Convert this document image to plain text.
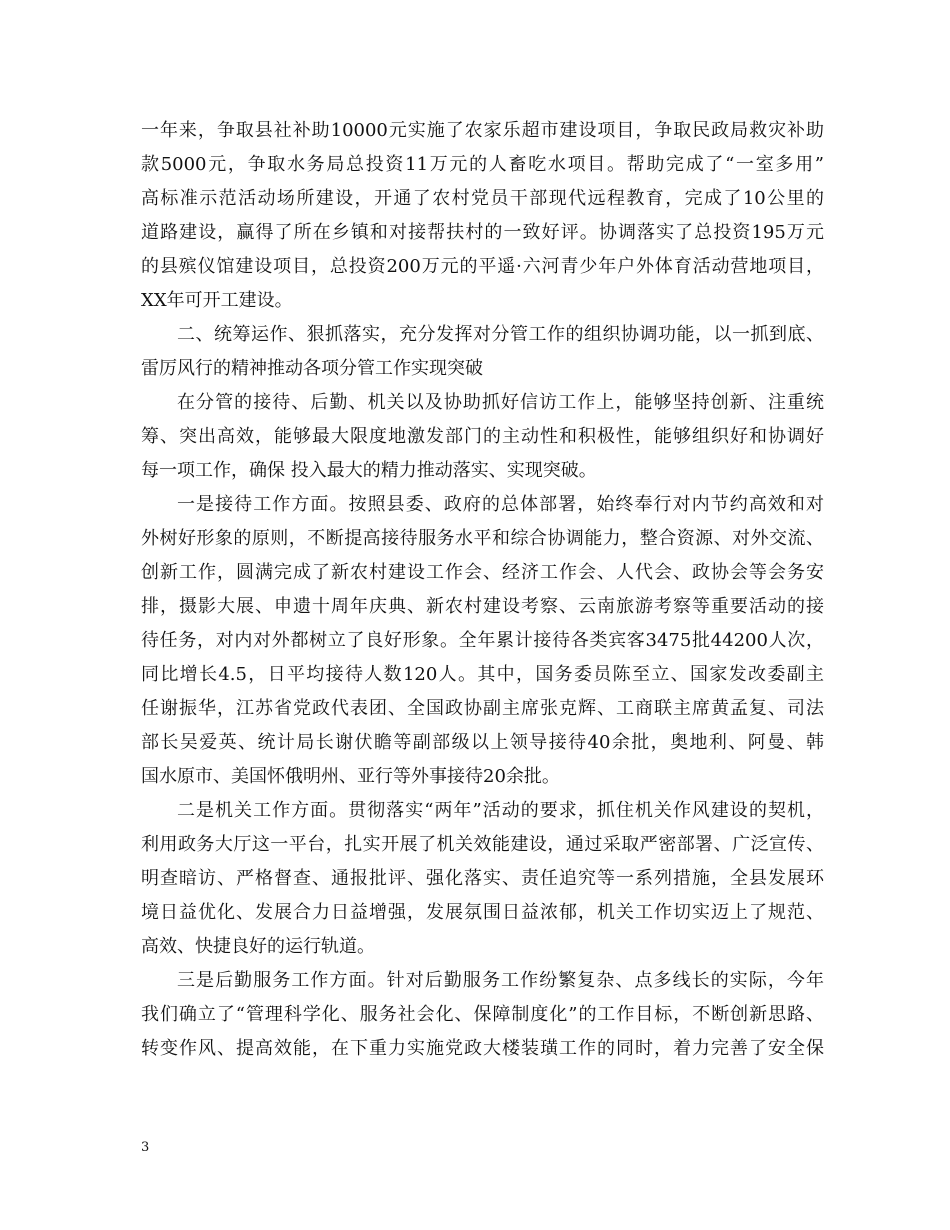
一年来，争取县社补助10000元实施了农家乐超市建设项目，争取民政局救灾补助
款5000元，争取水务局总投资11万元的人畜吃水项目。帮助完成了“一室多用”
高标准示范活动场所建设，开通了农村党员干部现代远程教育，完成了10公里的
道路建设，赢得了所在乡镇和对接帮扶村的一致好评。协调落实了总投资195万元
的县殡仪馆建设项目，总投资200万元的平遥·六河青少年户外体育活动营地项目，
XX年可开工建设。
二、统筹运作、狠抓落实，充分发挥对分管工作的组织协调功能，以一抓到底、
雷厉风行的精神推动各项分管工作实现突破
在分管的接待、后勤、机关以及协助抓好信访工作上，能够坚持创新、注重统
筹、突出高效，能够最大限度地激发部门的主动性和积极性，能够组织好和协调好
每一项工作，确保 投入最大的精力推动落实、实现突破。
一是接待工作方面。按照县委、政府的总体部署，始终奉行对内节约高效和对
外树好形象的原则，不断提高接待服务水平和综合协调能力，整合资源、对外交流、
创新工作，圆满完成了新农村建设工作会、经济工作会、人代会、政协会等会务安
排，摄影大展、申遗十周年庆典、新农村建设考察、云南旅游考察等重要活动的接
待任务，对内对外都树立了良好形象。全年累计接待各类宾客3475批44200人次，
同比增长4.5，日平均接待人数120人。其中，国务委员陈至立、国家发改委副主
任谢振华，江苏省党政代表团、全国政协副主席张克辉、工商联主席黄孟复、司法
部长吴爱英、统计局长谢伏瞻等副部级以上领导接待40余批，奥地利、阿曼、韩
国水原市、美国怀俄明州、亚行等外事接待20余批。
二是机关工作方面。贯彻落实“两年”活动的要求，抓住机关作风建设的契机，
利用政务大厅这一平台，扎实开展了机关效能建设，通过采取严密部署、广泛宣传、
明查暗访、严格督查、通报批评、强化落实、责任追究等一系列措施，全县发展环
境日益优化、发展合力日益增强，发展氛围日益浓郁，机关工作切实迈上了规范、
高效、快捷良好的运行轨道。
三是后勤服务工作方面。针对后勤服务工作纷繁复杂、点多线长的实际，今年
我们确立了“管理科学化、服务社会化、保障制度化”的工作目标，不断创新思路、
转变作风、提高效能，在下重力实施党政大楼装璜工作的同时，着力完善了安全保
3
